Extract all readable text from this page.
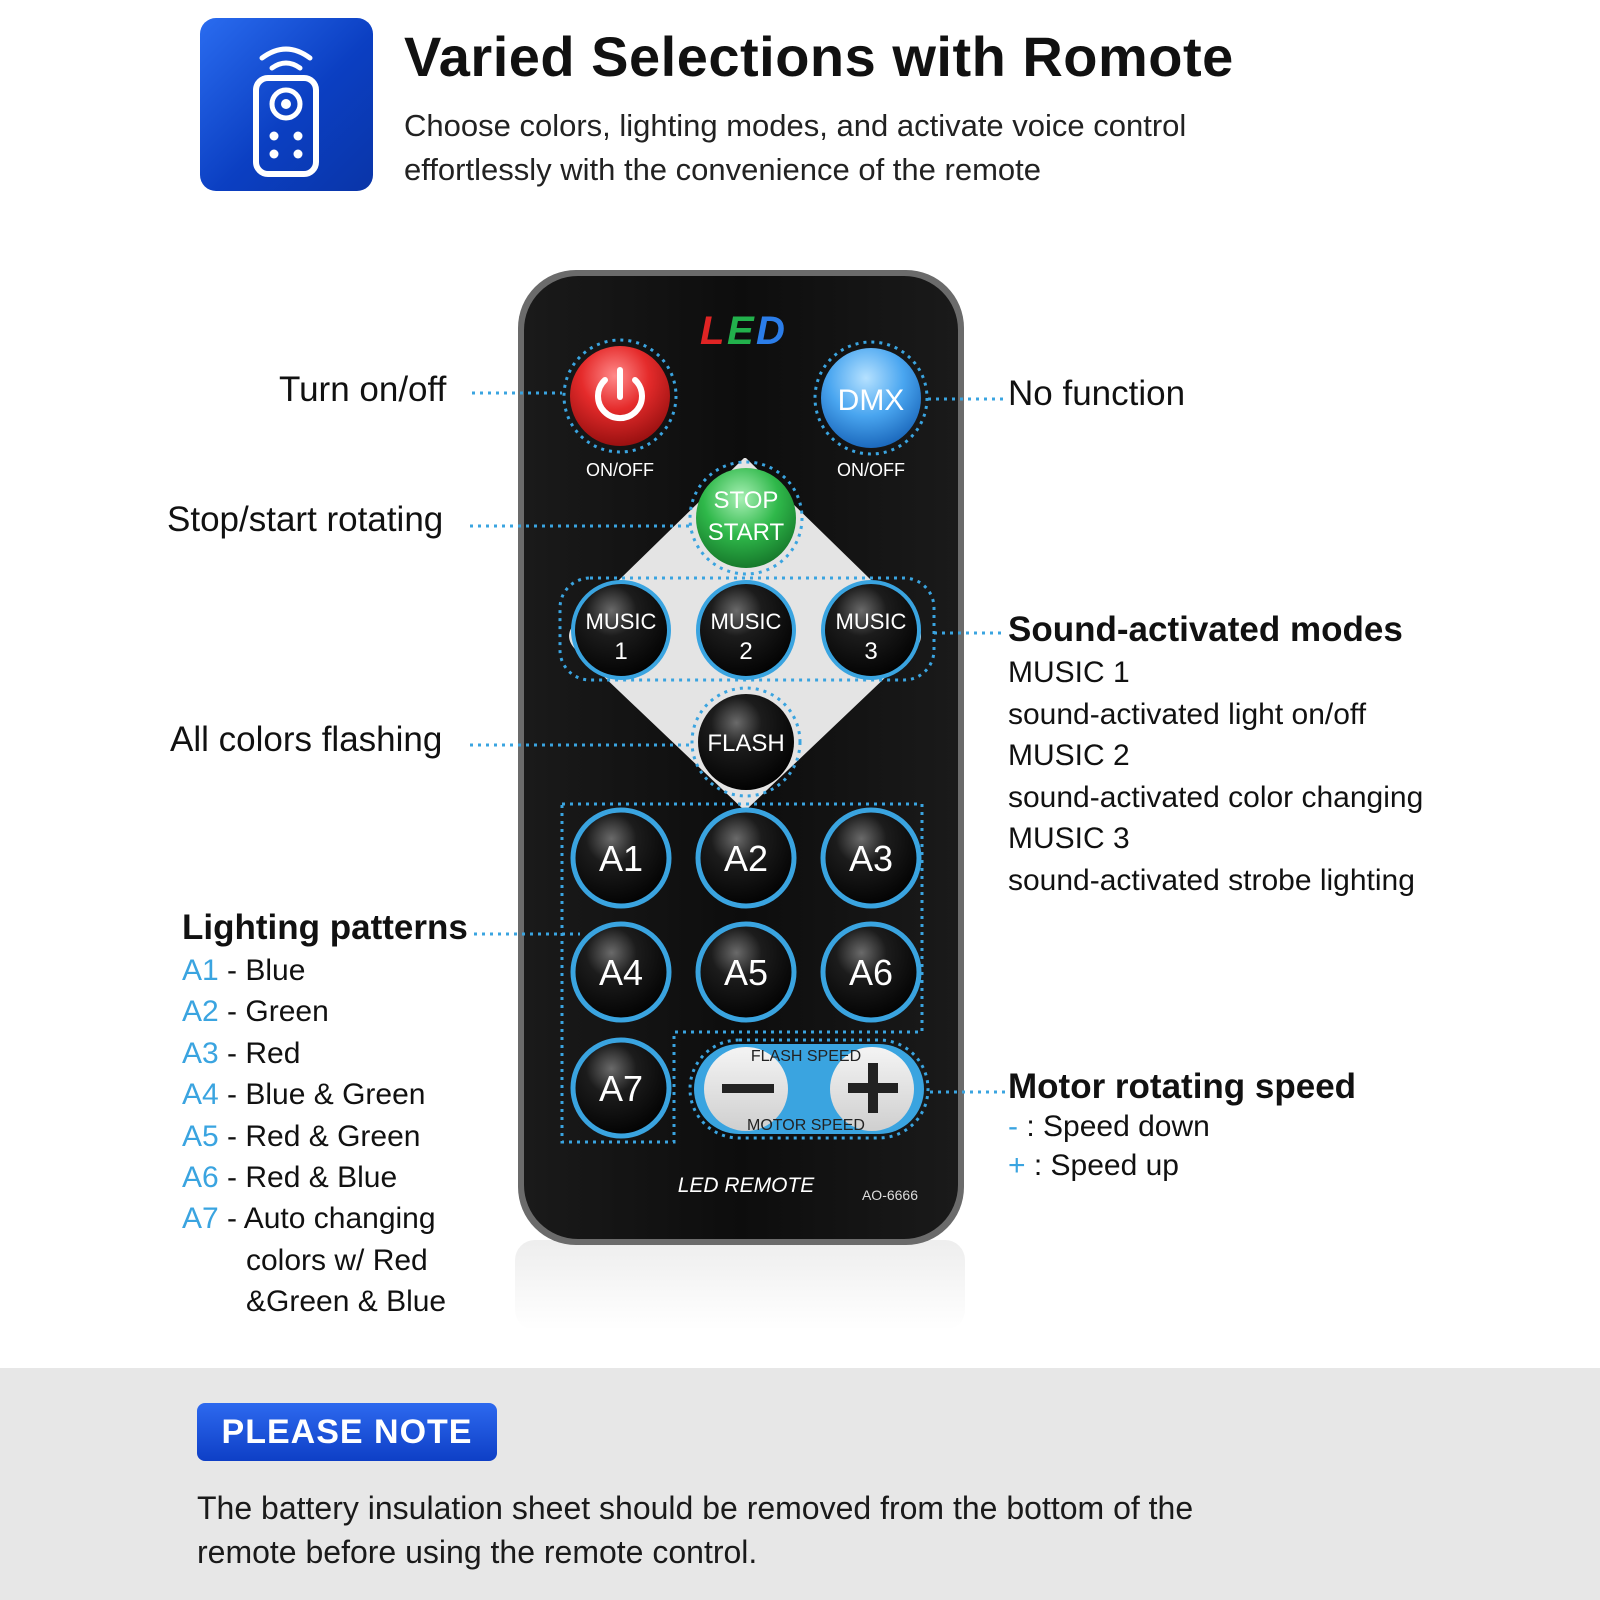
Varied Selections with Romote
Choose colors, lighting modes, and activate voice control
effortlessly with the convenience of the remote
L E D
ON/OFF
DMX
ON/OFF
STOP
START
MUSIC
1
MUSIC
2
MUSIC
3
FLASH
A1 A2 A3
A4 A5 A6
A7
FLASH SPEED
MOTOR SPEED
LED REMOTE	AO-6666
Turn on/off
Stop/start rotating
All colors flashing
Lighting patterns
A1 - Blue
A2 - Green
A3 - Red
A4 - Blue & Green
A5 - Red & Green
A6 - Red & Blue
A7 - Auto changing
colors w/ Red
&Green & Blue
No function
Sound-activated modes
MUSIC 1
sound-activated light on/off
MUSIC 2
sound-activated color changing
MUSIC 3
sound-activated strobe lighting
Motor rotating speed
- : Speed down
+ : Speed up
PLEASE NOTE
The battery insulation sheet should be removed from the bottom of the
remote before using the remote control.
